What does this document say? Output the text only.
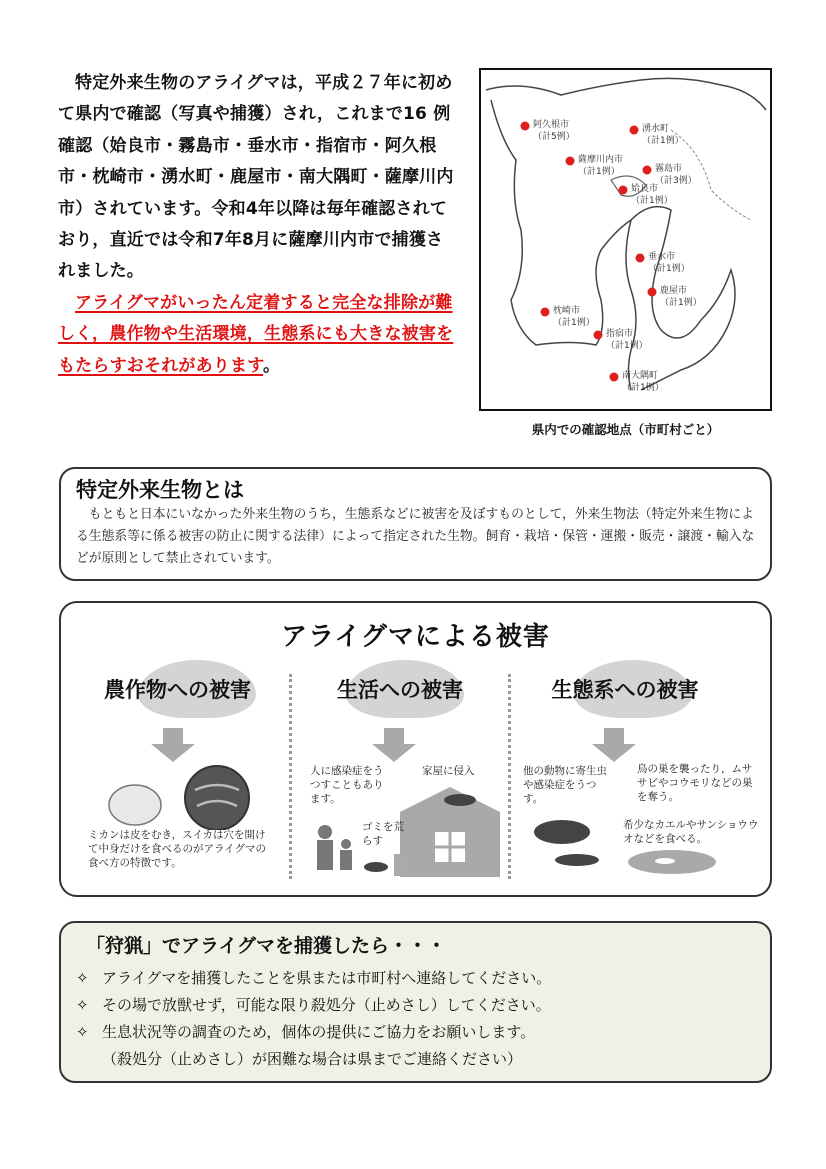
特定外来生物のアライグマは，平成２７年に初めて県内で確認（写真や捕獲）され，これまで16 例確認（姶良市・霧島市・垂水市・指宿市・阿久根市・枕崎市・湧水町・鹿屋市・南大隅町・薩摩川内市）されています。令和4年以降は毎年確認されており，直近では令和7年8月に薩摩川内市で捕獲されました。

アライグマがいったん定着すると完全な排除が難しく，農作物や生活環境，生態系にも大きな被害をもたらすおそれがあります。

阿久根市
（計5例）
湧水町
（計1例）
薩摩川内市
（計1例）	霧島市
（計3例）
姶良市
（計1例）
垂水市
（計1例）
鹿屋市
（計1例）
枕崎市
（計1例）
指宿市
（計1例）
南大隅町
（計1例）
県内での確認地点（市町村ごと）
特定外来生物とは
もともと日本にいなかった外来生物のうち，生態系などに被害を及ぼすものとして，外来生物法（特定外来生物による生態系等に係る被害の防止に関する法律）によって指定された生物。飼育・栽培・保管・運搬・販売・譲渡・輸入などが原則として禁止されています。
アライグマによる被害
農作物への被害	生活への被害	生態系への被害
ミカンは皮をむき，スイカは穴を開けて中身だけを食べるのがアライグマの食べ方の特徴です。
人に感染症をうつすこともあります。
家屋に侵入
ゴミを荒らす
他の動物に寄生虫や感染症をうつす。
鳥の巣を襲ったり，ムササビやコウモリなどの巣を奪う。
希少なカエルやサンショウウオなどを食べる。
「狩猟」でアライグマを捕獲したら・・・
✧ アライグマを捕獲したことを県または市町村へ連絡してください。
✧ その場で放獣せず，可能な限り殺処分（止めさし）してください。
✧ 生息状況等の調査のため，個体の提供にご協力をお願いします。
（殺処分（止めさし）が困難な場合は県までご連絡ください）
